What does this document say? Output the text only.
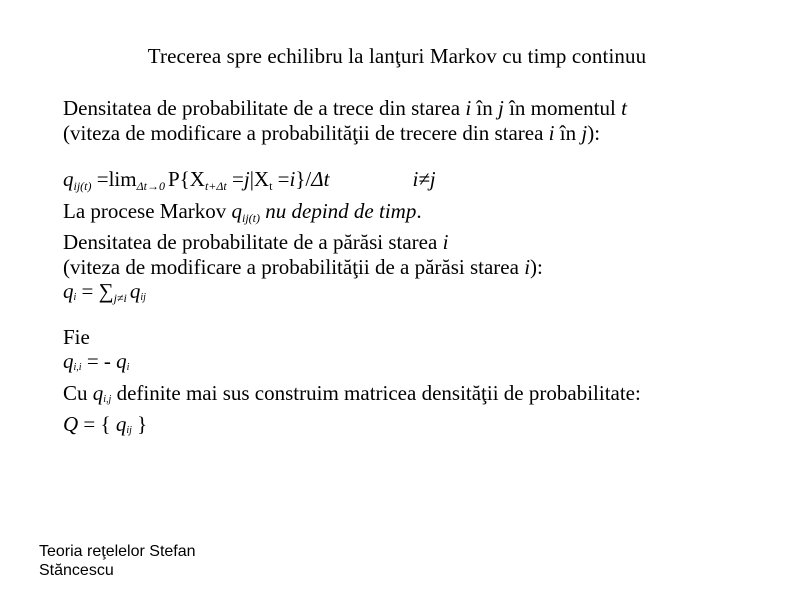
Trecerea spre echilibru la lanţuri Markov cu timp continuu
Densitatea de probabilitate de a trece din starea i în j în momentul t
(viteza de modificare a probabilităţii de trecere din starea i în j):
$q_{ij(t)} =\lim_{\Delta t\to 0}$ $P\{X_{t+\Delta t} =j|X_t =i\}/\Delta t$	i≠j
La procese Markov $q_{ij(t)}$ nu depind de timp.
Densitatea de probabilitate de a părăsi starea i
(viteza de modificare a probabilităţii de a părăsi starea i):
qi = $\sum_{j\ne i}$ qij
Fie
qi,i = - qi
Cu qi,j definite mai sus construim matricea densităţii de probabilitate:
Q = { qij }
Teoria reţelelor Stefan
Stăncescu
